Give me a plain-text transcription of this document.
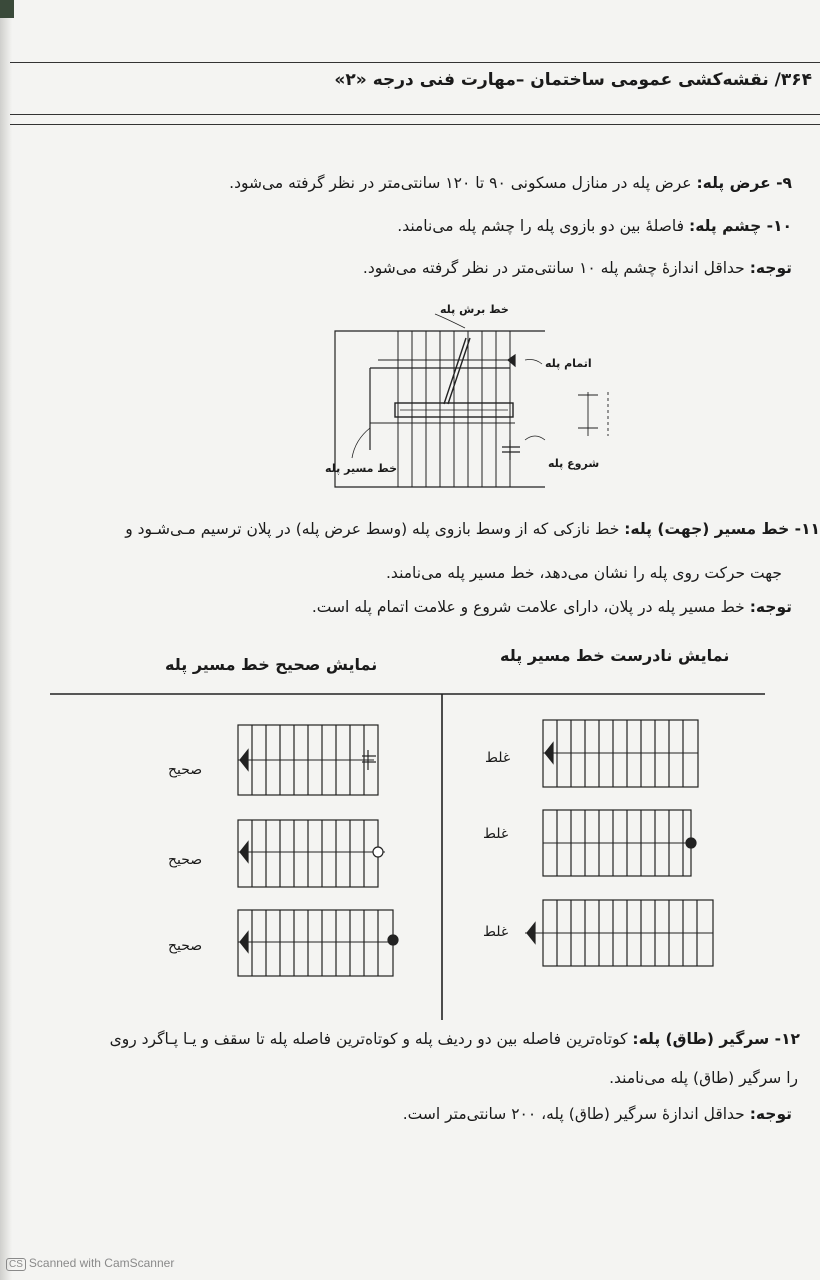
۳۶۴/ نقشه‌کشی عمومی ساختمان –مهارت فنی درجه «۲»
۹- عرض پله: عرض پله در منازل مسکونی ۹۰ تا ۱۲۰ سانتی‌متر در نظر گرفته می‌شود.
۱۰- چشم پله: فاصلهٔ بین دو بازوی پله را چشم پله می‌نامند.
توجه: حداقل اندازهٔ چشم پله ۱۰ سانتی‌متر در نظر گرفته می‌شود.
خط برش پله
اتمام پله
شروع پله
خط مسیر پله
۱۱- خط مسیر (جهت) پله: خط نازکی که از وسط بازوی پله (وسط عرض پله) در پلان ترسیم مـی‌شـود و
جهت حرکت روی پله را نشان می‌دهد، خط مسیر پله می‌نامند.
توجه: خط مسیر پله در پلان، دارای علامت شروع و علامت اتمام پله است.
نمایش صحیح خط مسیر پله	نمایش نادرست خط مسیر پله
صحیح
صحیح
صحیح
غلط
غلط
غلط
۱۲- سرگیر (طاق) پله: کوتاه‌ترین فاصله بین دو ردیف پله و کوتاه‌ترین فاصله پله تا سقف و یـا پـاگرد روی
را سرگیر (طاق) پله می‌نامند.
توجه: حداقل اندازهٔ سرگیر (طاق) پله، ۲۰۰ سانتی‌متر است.
CS Scanned with CamScanner
